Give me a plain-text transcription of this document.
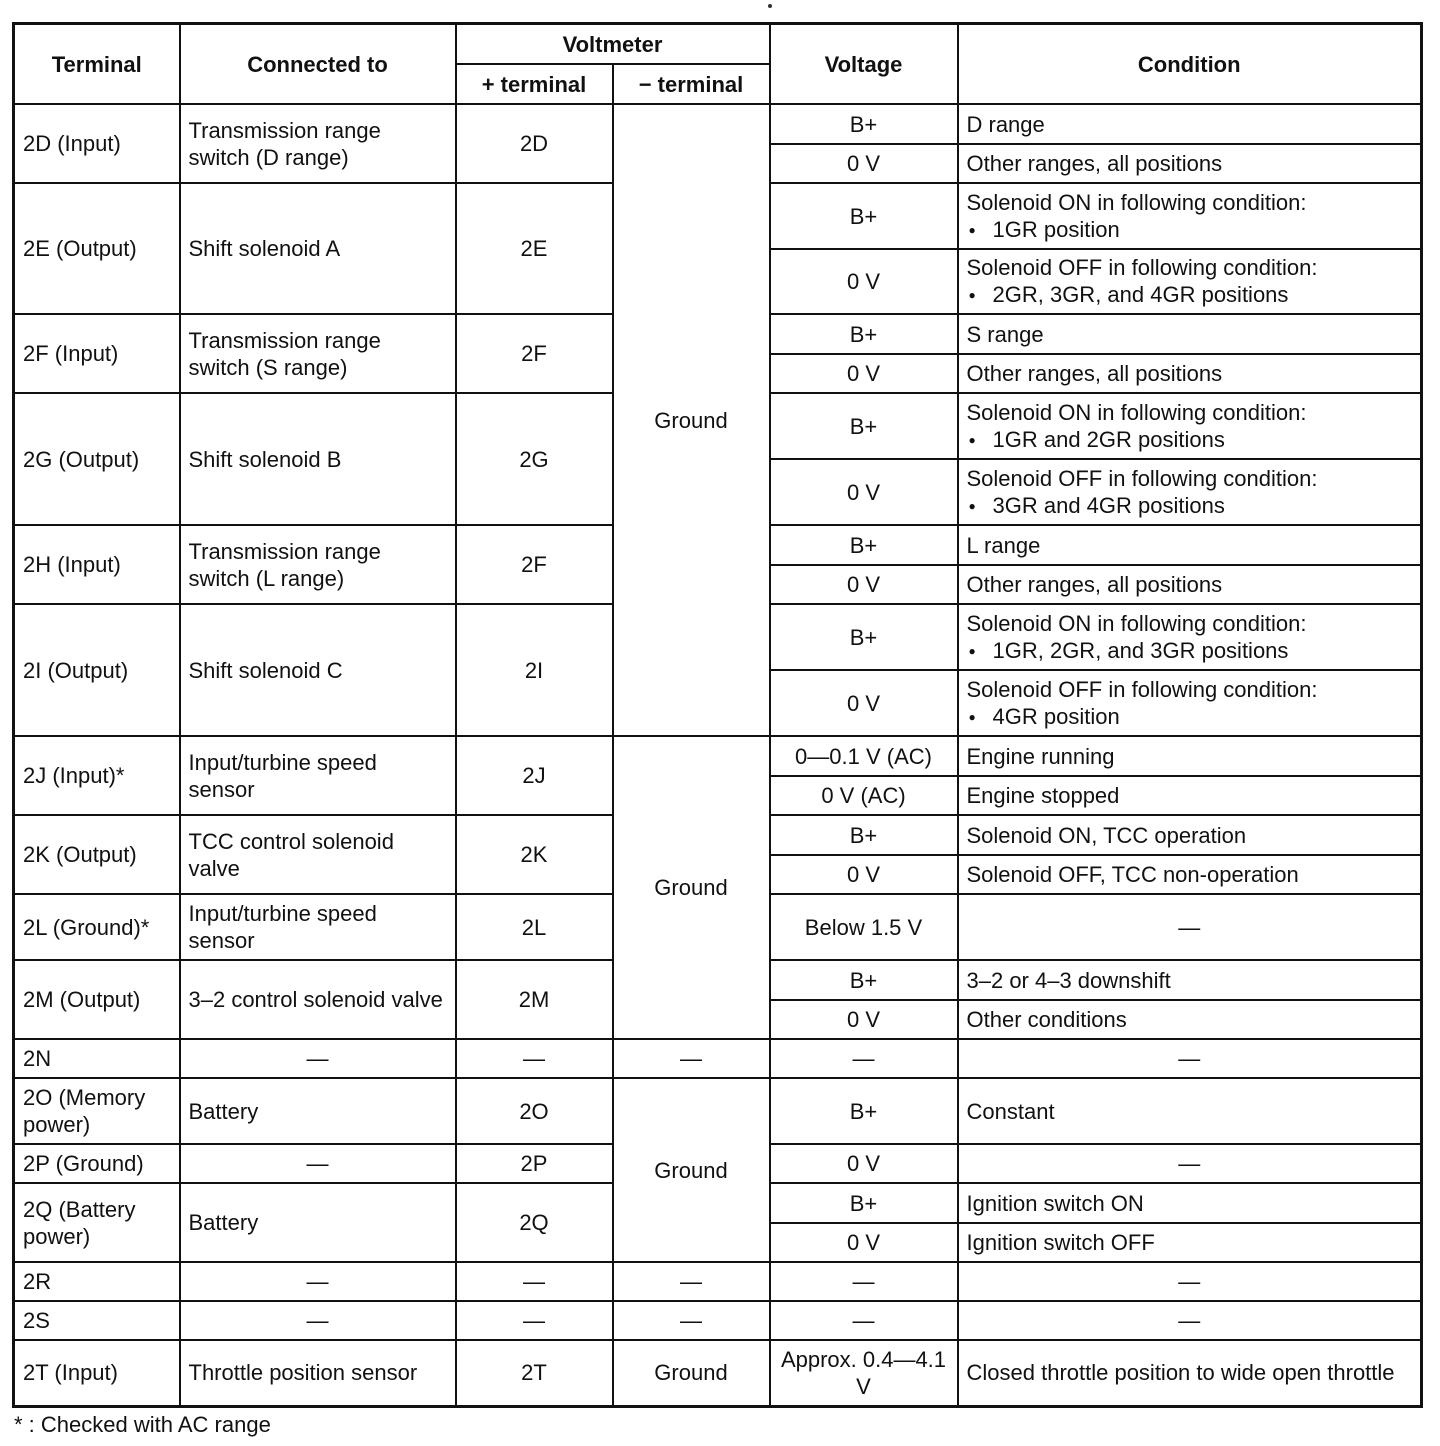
Terminal	Connected to	Voltmeter		Voltage	Condition
		+ terminal	− terminal		
2D (Input)	Transmission range switch (D range)	2D	Ground	B+	D range
				0 V	Other ranges, all positions
2E (Output)	Shift solenoid A	2E		B+	Solenoid ON in following condition:
● 1GR position

				0 V	Solenoid OFF in following condition:
● 2GR, 3GR, and 4GR positions

2F (Input)	Transmission range switch (S range)	2F		B+	S range
				0 V	Other ranges, all positions
2G (Output)	Shift solenoid B	2G		B+	Solenoid ON in following condition:
● 1GR and 2GR positions

				0 V	Solenoid OFF in following condition:
● 3GR and 4GR positions

2H (Input)	Transmission range switch (L range)	2F		B+	L range
				0 V	Other ranges, all positions
2I (Output)	Shift solenoid C	2I		B+	Solenoid ON in following condition:
● 1GR, 2GR, and 3GR positions

				0 V	Solenoid OFF in following condition:
● 4GR position

2J (Input)*	Input/turbine speed sensor	2J	Ground	0—0.1 V (AC)	Engine running
				0 V (AC)	Engine stopped
2K (Output)	TCC control solenoid valve	2K		B+	Solenoid ON, TCC operation
				0 V	Solenoid OFF, TCC non-operation
2L (Ground)*	Input/turbine speed sensor	2L		Below 1.5 V	—
2M (Output)	3–2 control solenoid valve	2M		B+	3–2 or 4–3 downshift
				0 V	Other conditions
2N	—	—	—	—	—
2O (Memory power)	Battery	2O	Ground	B+	Constant
2P (Ground)	—	2P		0 V	—
2Q (Battery power)	Battery	2Q		B+	Ignition switch ON
				0 V	Ignition switch OFF
2R	—	—	—	—	—
2S	—	—	—	—	—
2T (Input)	Throttle position sensor	2T	Ground	Approx. 0.4—4.1 V	Closed throttle position to wide open throttle
* : Checked with AC range
